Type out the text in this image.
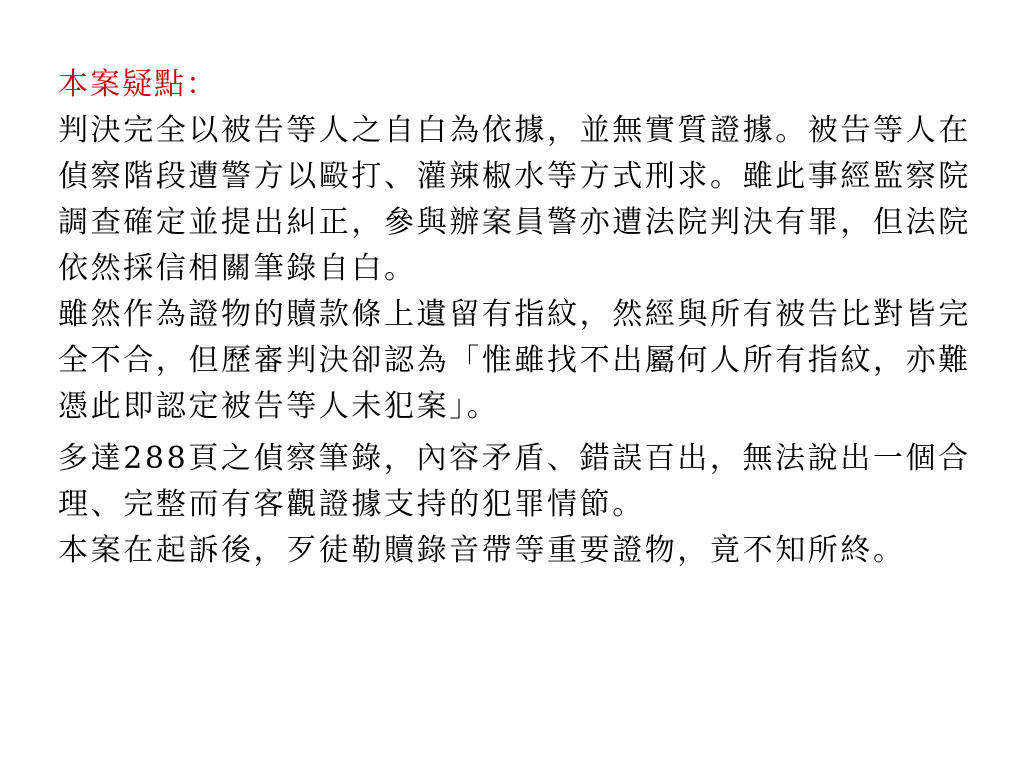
本案疑點：

判決完全以被告等人之自白為依據，並無實質證據。被告等人在偵察階段遭警方以毆打、灌辣椒水等方式刑求。雖此事經監察院調查確定並提出糾正，參與辦案員警亦遭法院判決有罪，但法院依然採信相關筆錄自白。

雖然作為證物的贖款條上遺留有指紋，然經與所有被告比對皆完全不合，但歷審判決卻認為「惟雖找不出屬何人所有指紋，亦難憑此即認定被告等人未犯案」。

多達288頁之偵察筆錄，內容矛盾、錯誤百出，無法說出一個合理、完整而有客觀證據支持的犯罪情節。

本案在起訴後，歹徒勒贖錄音帶等重要證物，竟不知所終。
